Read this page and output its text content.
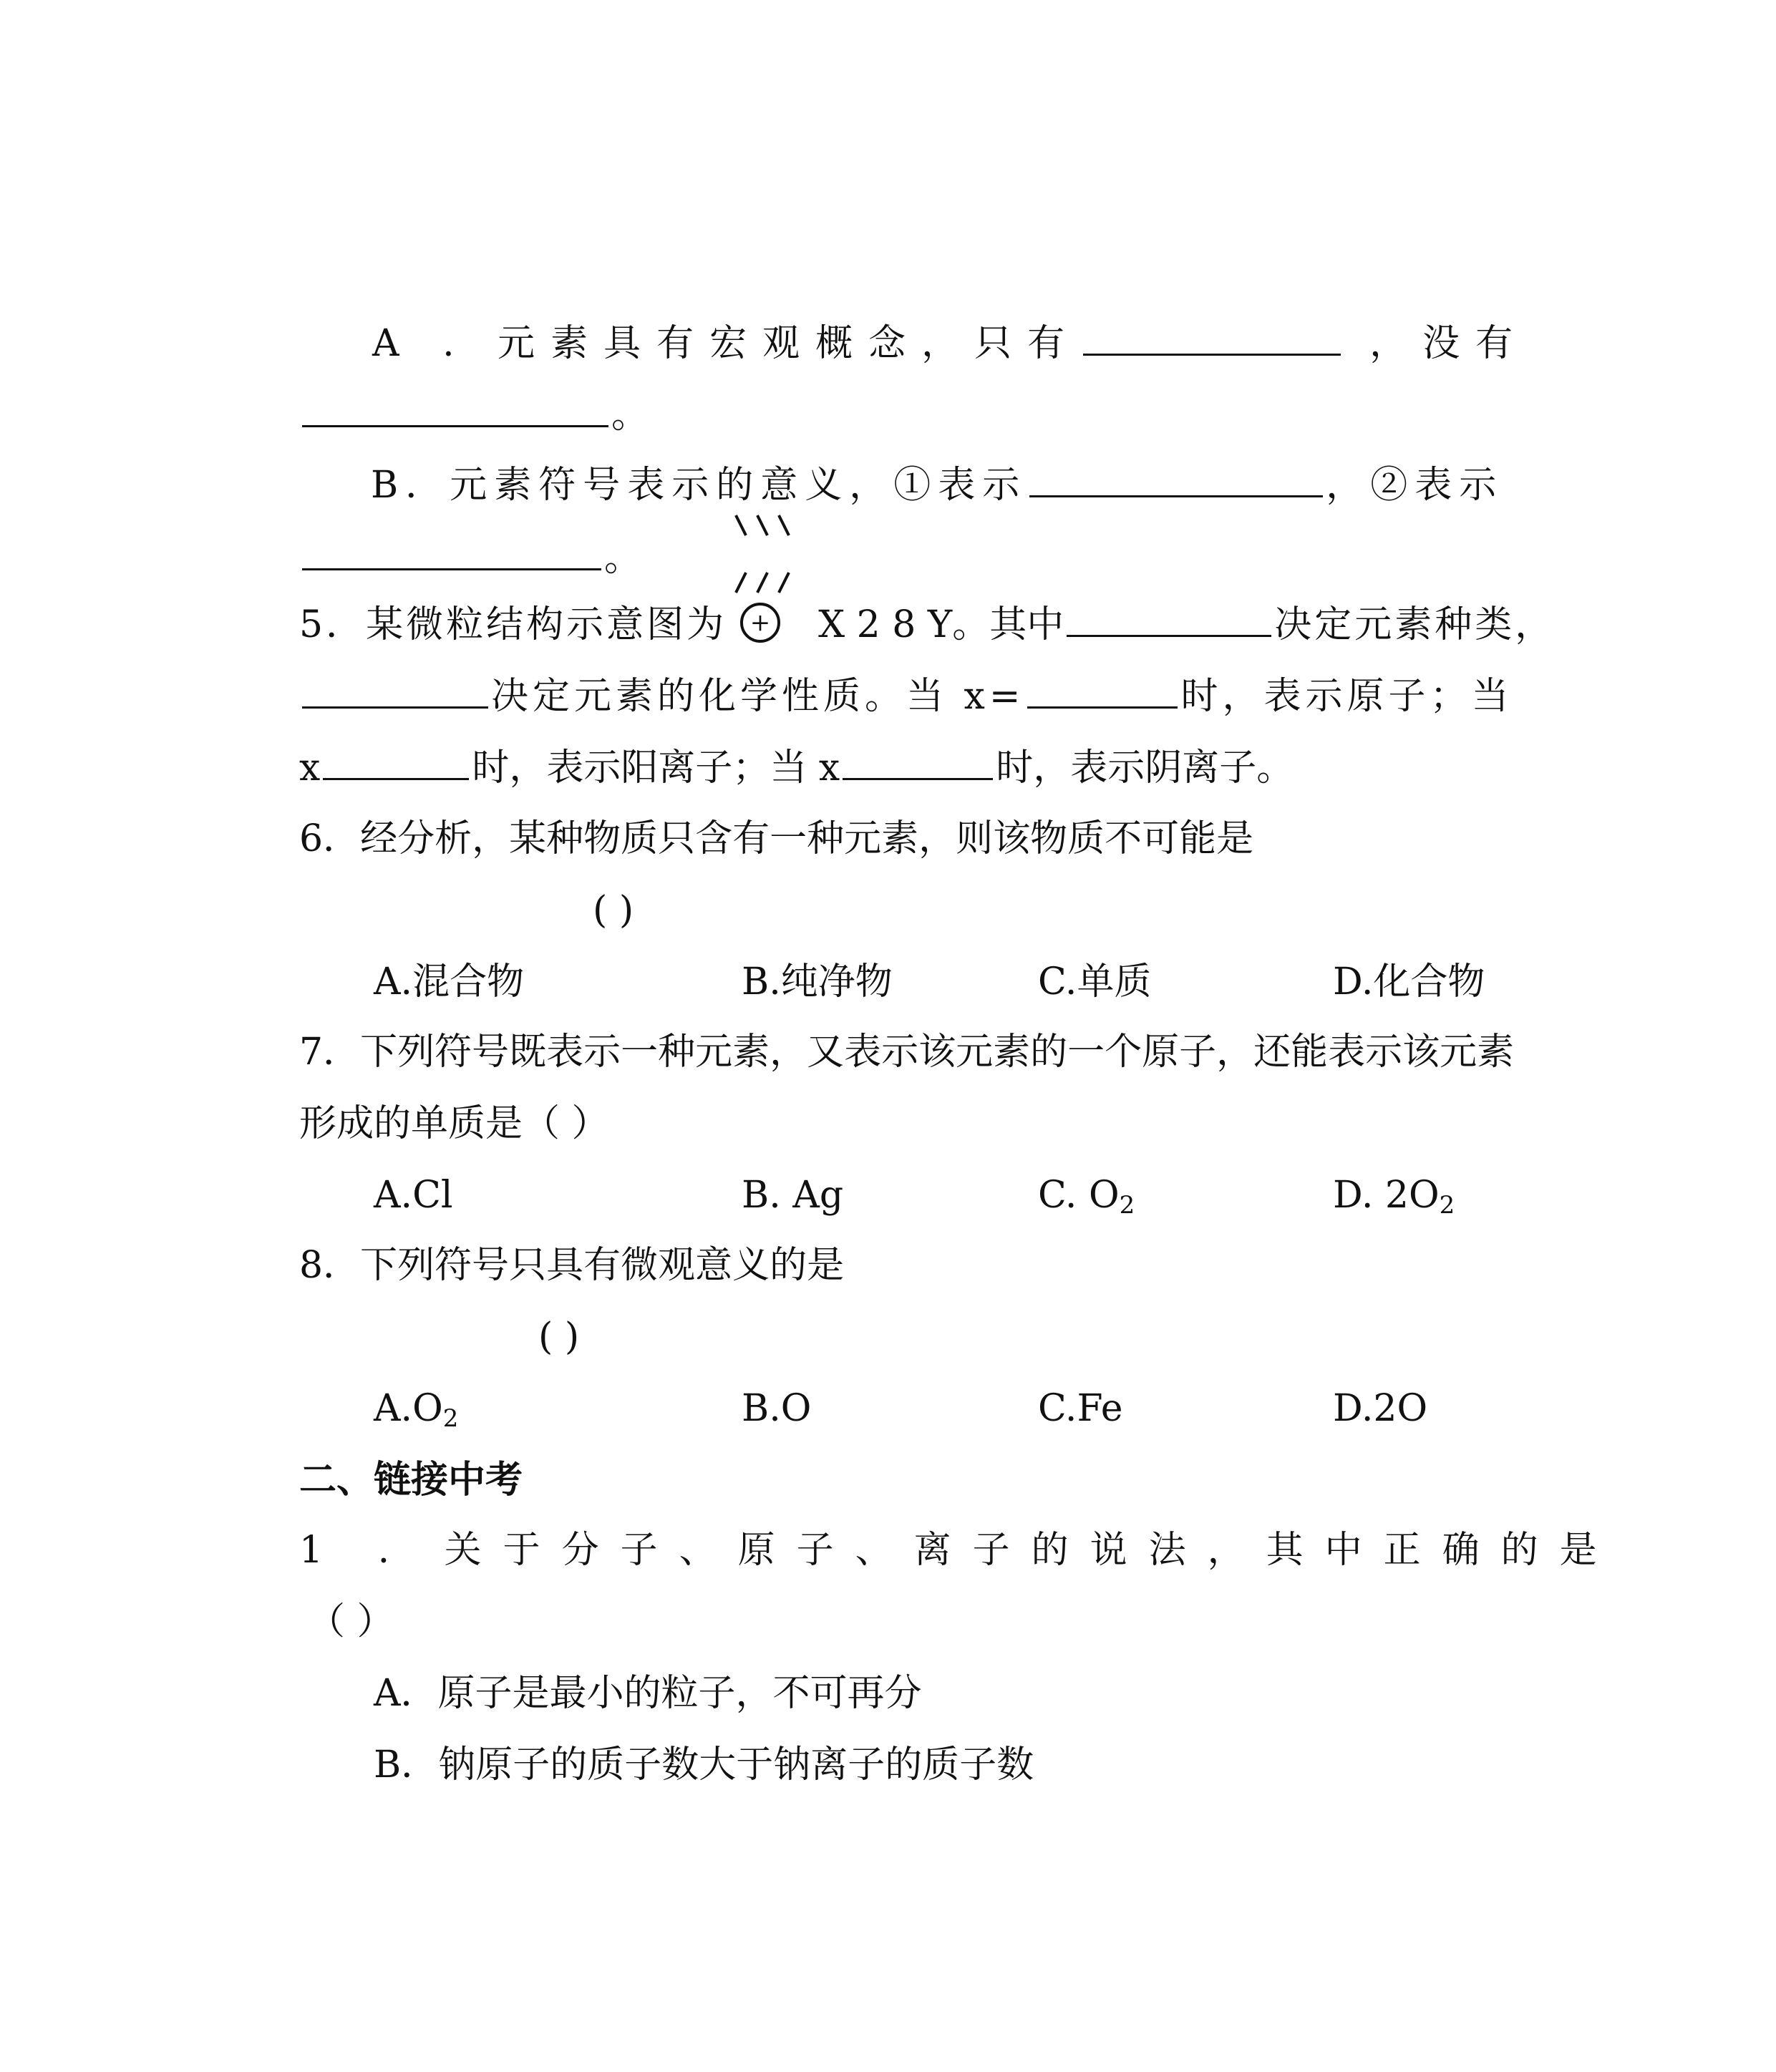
A . 元素具有宏观概念，只有	，没有
。
B．元素符号表示的意义，①表示	，②表示
。
+
5．某微粒结构示意图为 X 2 8 Y。其中	决定元素种类，
决定元素的化学性质。当 x=	时，表示原子；当
x	时，表示阳离子；当 x	时，表示阴离子。
6．经分析，某种物质只含有一种元素，则该物质不可能是
( )
A.混合物	B.纯净物	C.单质	D.化合物
7．下列符号既表示一种元素，又表示该元素的一个原子，还能表示该元素
形成的单质是（ ）
A.Cl	B. Ag	C. $O_2$	D. $2O_2$
8．下列符号只具有微观意义的是
( )
$A.O_2$	B.O	C.Fe	D.2O
二、链接中考
1 . 关于分子、原子、离子的说法，其中正确的是
（ ）
A．原子是最小的粒子，不可再分
B．钠原子的质子数大于钠离子的质子数
